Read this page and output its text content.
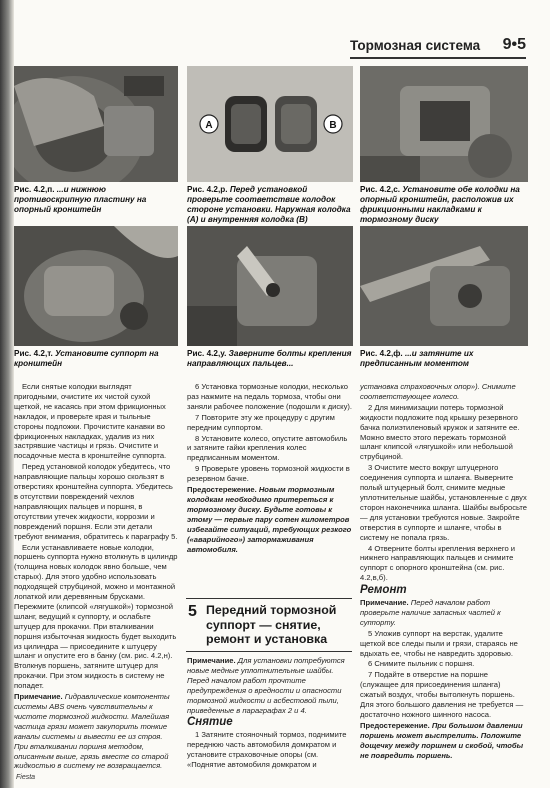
Тормозная система 9•5
A	B
Рис. 4.2,п. ...и нижнюю противоскрипную пластину на опорный кронштейн
Рис. 4.2,р. Перед установкой проверьте соответствие колодок стороне установки. Наружная колодка (A) и внутренняя колодка (B)
Рис. 4.2,с. Установите обе колодки на опорный кронштейн, расположив их фрикционными накладками к тормозному диску
Рис. 4.2,т. Установите суппорт на кронштейн
Рис. 4.2,у. Заверните болты крепления направляющих пальцев...
Рис. 4.2,ф. ...и затяните их предписанным моментом

Если снятые колодки выглядят пригодными, очистите их чистой сухой щеткой, не касаясь при этом фрикционных накладок, и проверьте края и тыльные стороны подложки. Прочистите канавки во фрикционных накладках, удалив из них застрявшие частицы и грязь. Очистите и посадочные места в кронштейне суппорта.

Перед установкой колодок убедитесь, что направляющие пальцы хорошо скользят в отверстиях кронштейна суппорта. Убедитесь в отсутствии повреждений чехлов направляющих пальцев и поршня, в отсутствии утечек жидкости, коррозии и повреждений поршня. Если эти детали требуют внимания, обратитесь к параграфу 5.

Если устанавливаете новые колодки, поршень суппорта нужно втолкнуть в цилиндр (толщина новых колодок явно больше, чем старых). Для этого удобно использовать подходящей струбциной, можно и монтажной лопаткой или деревянным брусками. Пережмите (клипсой «лягушкой») тормозной шланг, ведущий к суппорту, и ослабьте штуцер для прокачки. При вталкивании поршня избыточная жидкость будет выходить из цилиндра — присоедините к штуцеру шланг и опустите его в банку (см. рис. 4.2,н). Втолкнув поршень, затяните штуцер для прокачки. При этом жидкость в систему не попадет.

Примечание. Гидравлические компоненты системы ABS очень чувствительны к чистоте тормозной жидкости. Малейшая частица грязи может закупорить тонкие каналы системы и вывести ее из строя. При вталкивании поршня методом, описанным выше, грязь вместе со старой жидкостью в систему не возвращается.

6 Установка тормозные колодки, несколько раз нажмите на педаль тормоза, чтобы они заняли рабочее положение (подошли к диску).

7 Повторите эту же процедуру с другим передним суппортом.

8 Установите колесо, опустите автомобиль и затяните гайки крепления колес предписанным моментом.

9 Проверьте уровень тормозной жидкости в резервном бачке.

Предостережение. Новым тормозным колодкам необходимо притереться к тормозному диску. Будьте готовы к этому — первые пару сотен километров избегайте ситуаций, требующих резкого («аварийного») затормаживания автомобиля.

5 Передний тормозной суппорт — снятие, ремонт и установка

Примечание. Для установки потребуются новые медные уплотнительные шайбы. Перед началом работ прочтите предупреждения о вредности и опасности тормозной жидкости и асбестовой пыли, приведенные в параграфах 2 и 4.

Снятие

1 Затяните стояночный тормоз, поднимите переднюю часть автомобиля домкратом и установите страховочные опоры (см. «Поднятие автомобиля домкратом и

установка страховочных опор»). Снимите соответствующее колесо.

2 Для минимизации потерь тормозной жидкости подложите под крышку резервного бачка полиэтиленовый кружок и затяните ее. Можно вместо этого пережать тормозной шланг клипсой «лягушкой» или небольшой струбциной.

3 Очистите место вокруг штуцерного соединения суппорта и шланга. Выверните полый штуцерный болт, снимите медные уплотнительные шайбы, установленные с двух сторон наконечника шланга. Шайбы выбросьте — для установки требуются новые. Закройте отверстия в суппорте и шланге, чтобы в систему не попала грязь.

4 Отверните болты крепления верхнего и нижнего направляющих пальцев и снимите суппорт с опорного кронштейна (см. рис. 4.2,в,б).

Ремонт

Примечание. Перед началом работ проверьте наличие запасных частей к суппорту.

5 Уложив суппорт на верстак, удалите щеткой все следы пыли и грязи, стараясь не вдыхать ее, чтобы не навредить здоровью.

6 Снимите пыльник с поршня.

7 Подайте в отверстие на поршне (служащее для присоединения шланга) сжатый воздух, чтобы вытолкнуть поршень. Для этого большого давления не требуется — достаточно ножного шинного насоса.

Предостережение. При большом давлении поршень может выстрелить. Положите дощечку между поршнем и скобой, чтобы не повредить поршень.

Fiesta
